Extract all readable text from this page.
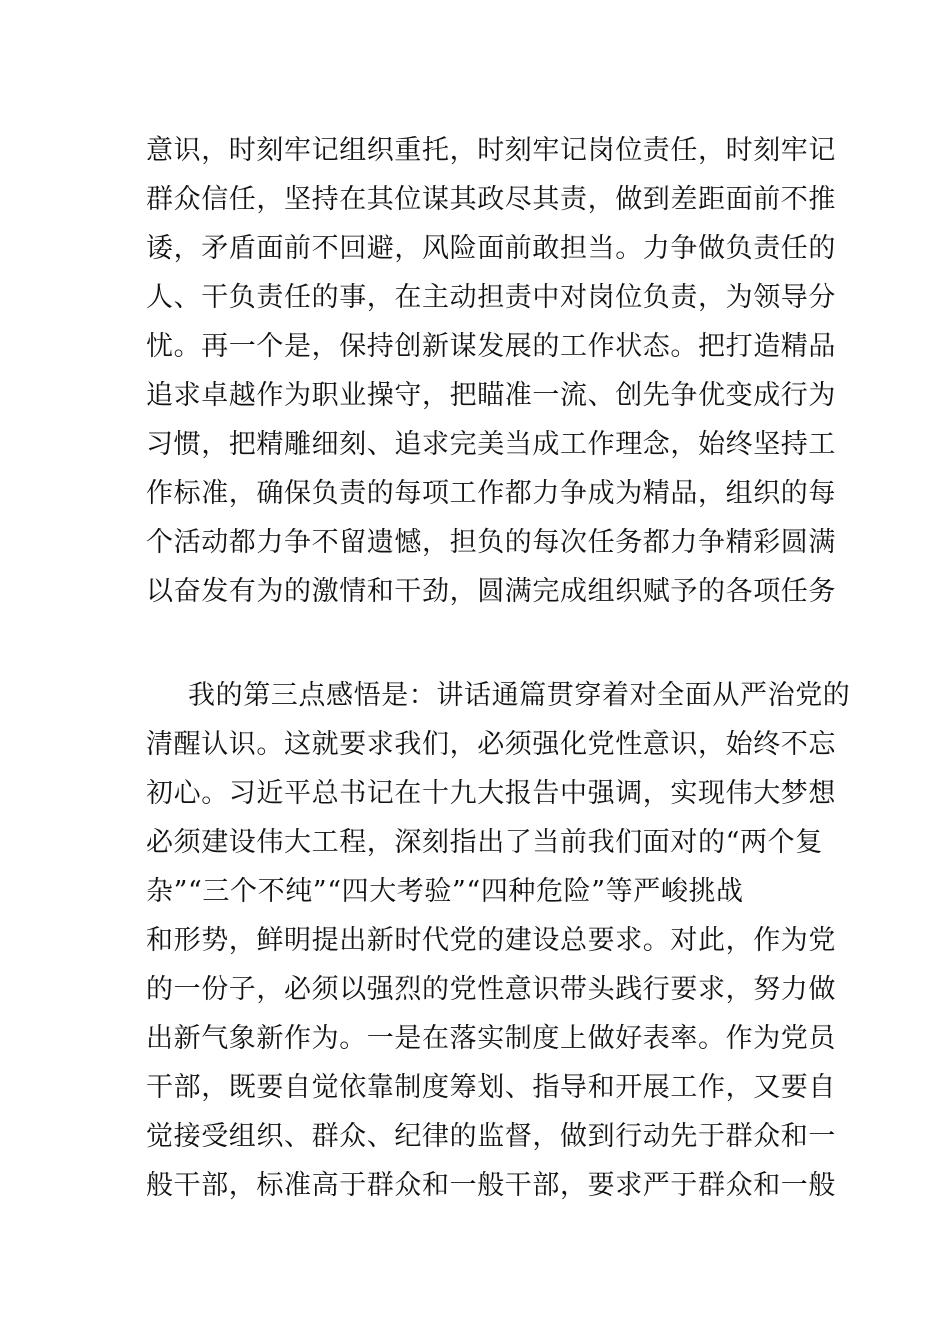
意识，时刻牢记组织重托，时刻牢记岗位责任，时刻牢记
群众信任，坚持在其位谋其政尽其责，做到差距面前不推
诿，矛盾面前不回避，风险面前敢担当。力争做负责任的
人、干负责任的事，在主动担责中对岗位负责，为领导分
忧。再一个是，保持创新谋发展的工作状态。把打造精品
追求卓越作为职业操守，把瞄准一流、创先争优变成行为
习惯，把精雕细刻、追求完美当成工作理念，始终坚持工
作标准，确保负责的每项工作都力争成为精品，组织的每
个活动都力争不留遗憾，担负的每次任务都力争精彩圆满
以奋发有为的激情和干劲，圆满完成组织赋予的各项任务
我的第三点感悟是：讲话通篇贯穿着对全面从严治党的
清醒认识。这就要求我们，必须强化党性意识，始终不忘
初心。习近平总书记在十九大报告中强调，实现伟大梦想
必须建设伟大工程，深刻指出了当前我们面对的“两个复
杂”“三个不纯”“四大考验”“四种危险”等严峻挑战
和形势，鲜明提出新时代党的建设总要求。对此，作为党
的一份子，必须以强烈的党性意识带头践行要求，努力做
出新气象新作为。一是在落实制度上做好表率。作为党员
干部，既要自觉依靠制度筹划、指导和开展工作，又要自
觉接受组织、群众、纪律的监督，做到行动先于群众和一
般干部，标准高于群众和一般干部，要求严于群众和一般
